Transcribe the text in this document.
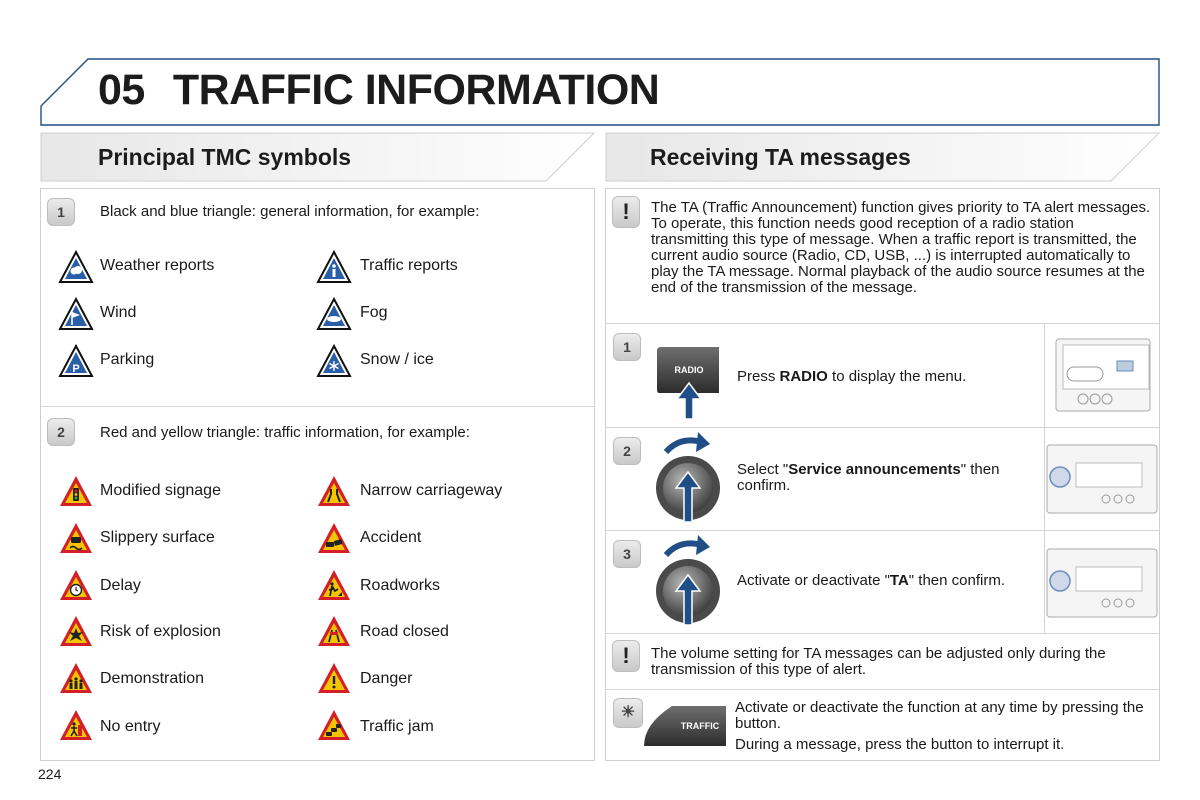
05 TRAFFIC INFORMATION
Principal TMC symbols	Receiving TA messages
1	Black and blue triangle: general information, for example:
2	Red and yellow triangle: traffic information, for example:
Weather reports	Traffic reports
Wind	Fog
P
Parking	Snow / ice
Modified signage	Narrow carriageway
Slippery surface	Accident
Delay	Roadworks
Risk of explosion	Road closed
Demonstration	Danger
No entry	Traffic jam
!	The TA (Traffic Announcement) function gives priority to TA alert messages. To operate, this function needs good reception of a radio station transmitting this type of message. When a traffic report is transmitted, the current audio source (Radio, CD, USB, ...) is interrupted automatically to play the TA message. Normal playback of the audio source resumes at the end of the transmission of the message.
1
RADIO Press RADIO to display the menu.
2
Select "Service announcements" then confirm.
3
Activate or deactivate "TA" then confirm.
!	The volume setting for TA messages can be adjusted only during the transmission of this type of alert.
☀
TRAFFIC
Activate or deactivate the function at any time by pressing the button.
During a message, press the button to interrupt it.
224
